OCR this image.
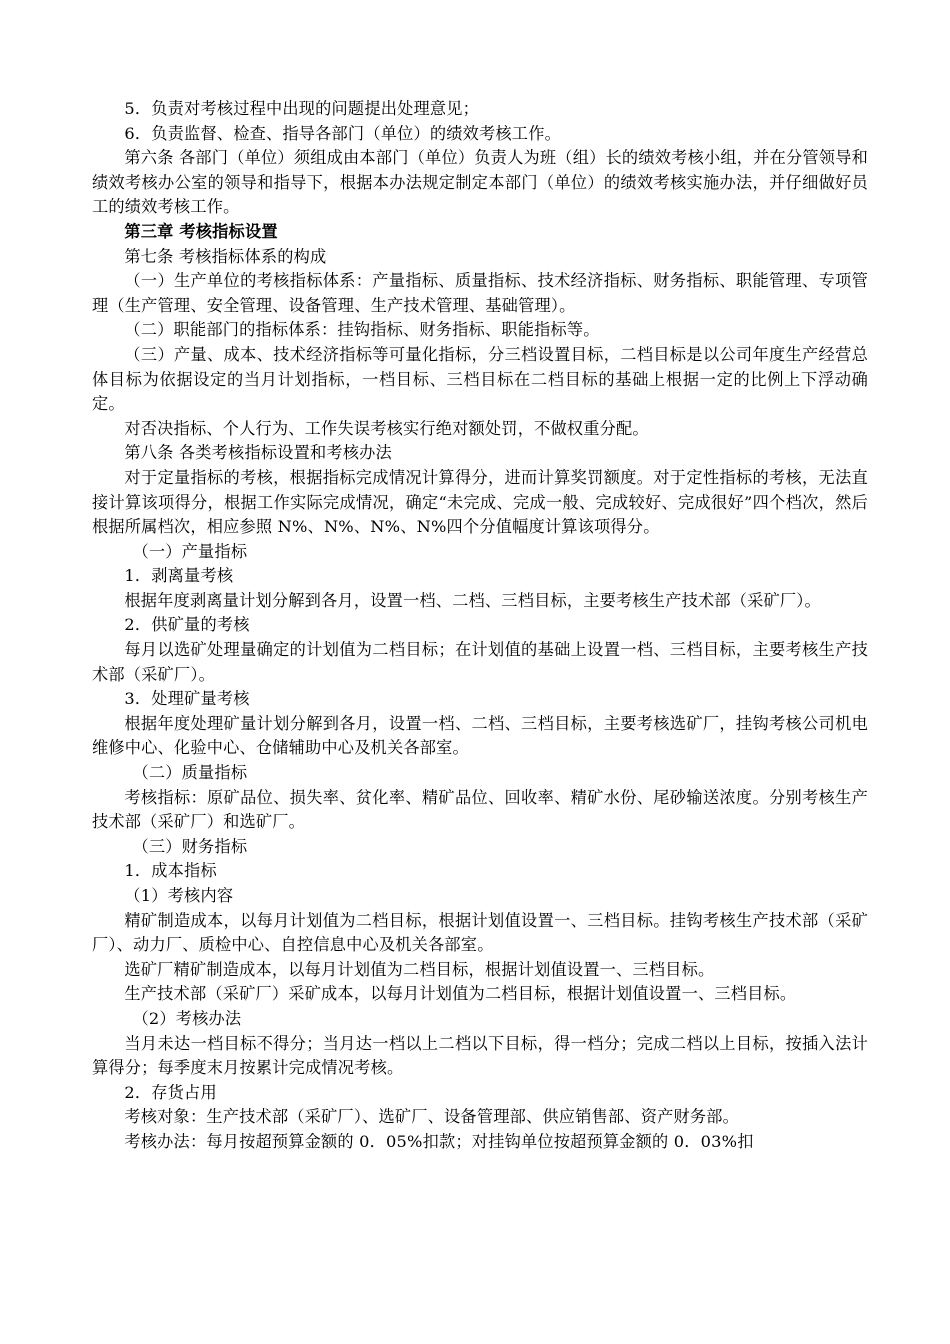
5．负责对考核过程中出现的问题提出处理意见；

6．负责监督、检查、指导各部门（单位）的绩效考核工作。

第六条 各部门（单位）须组成由本部门（单位）负责人为班（组）长的绩效考核小组，并在分管领导和绩效考核办公室的领导和指导下，根据本办法规定制定本部门（单位）的绩效考核实施办法，并仔细做好员工的绩效考核工作。

第三章 考核指标设置

第七条 考核指标体系的构成

（一）生产单位的考核指标体系：产量指标、质量指标、技术经济指标、财务指标、职能管理、专项管理（生产管理、安全管理、设备管理、生产技术管理、基础管理）。

（二）职能部门的指标体系：挂钩指标、财务指标、职能指标等。

（三）产量、成本、技术经济指标等可量化指标，分三档设置目标，二档目标是以公司年度生产经营总体目标为依据设定的当月计划指标，一档目标、三档目标在二档目标的基础上根据一定的比例上下浮动确定。

对否决指标、个人行为、工作失误考核实行绝对额处罚，不做权重分配。

第八条 各类考核指标设置和考核办法

对于定量指标的考核，根据指标完成情况计算得分，进而计算奖罚额度。对于定性指标的考核，无法直接计算该项得分，根据工作实际完成情况，确定“未完成、完成一般、完成较好、完成很好”四个档次，然后根据所属档次，相应参照 N%、N%、N%、N%四个分值幅度计算该项得分。

（一）产量指标

1．剥离量考核

根据年度剥离量计划分解到各月，设置一档、二档、三档目标，主要考核生产技术部（采矿厂）。

2．供矿量的考核

每月以选矿处理量确定的计划值为二档目标；在计划值的基础上设置一档、三档目标，主要考核生产技术部（采矿厂）。

3．处理矿量考核

根据年度处理矿量计划分解到各月，设置一档、二档、三档目标，主要考核选矿厂，挂钩考核公司机电维修中心、化验中心、仓储辅助中心及机关各部室。

（二）质量指标

考核指标：原矿品位、损失率、贫化率、精矿品位、回收率、精矿水份、尾砂输送浓度。分别考核生产技术部（采矿厂）和选矿厂。

（三）财务指标

1．成本指标

（1）考核内容

精矿制造成本，以每月计划值为二档目标，根据计划值设置一、三档目标。挂钩考核生产技术部（采矿厂）、动力厂、质检中心、自控信息中心及机关各部室。

选矿厂精矿制造成本，以每月计划值为二档目标，根据计划值设置一、三档目标。

生产技术部（采矿厂）采矿成本，以每月计划值为二档目标，根据计划值设置一、三档目标。

（2）考核办法

当月未达一档目标不得分；当月达一档以上二档以下目标，得一档分；完成二档以上目标，按插入法计算得分；每季度末月按累计完成情况考核。

2．存货占用

考核对象：生产技术部（采矿厂）、选矿厂、设备管理部、供应销售部、资产财务部。

考核办法：每月按超预算金额的 0．05%扣款；对挂钩单位按超预算金额的 0．03%扣
